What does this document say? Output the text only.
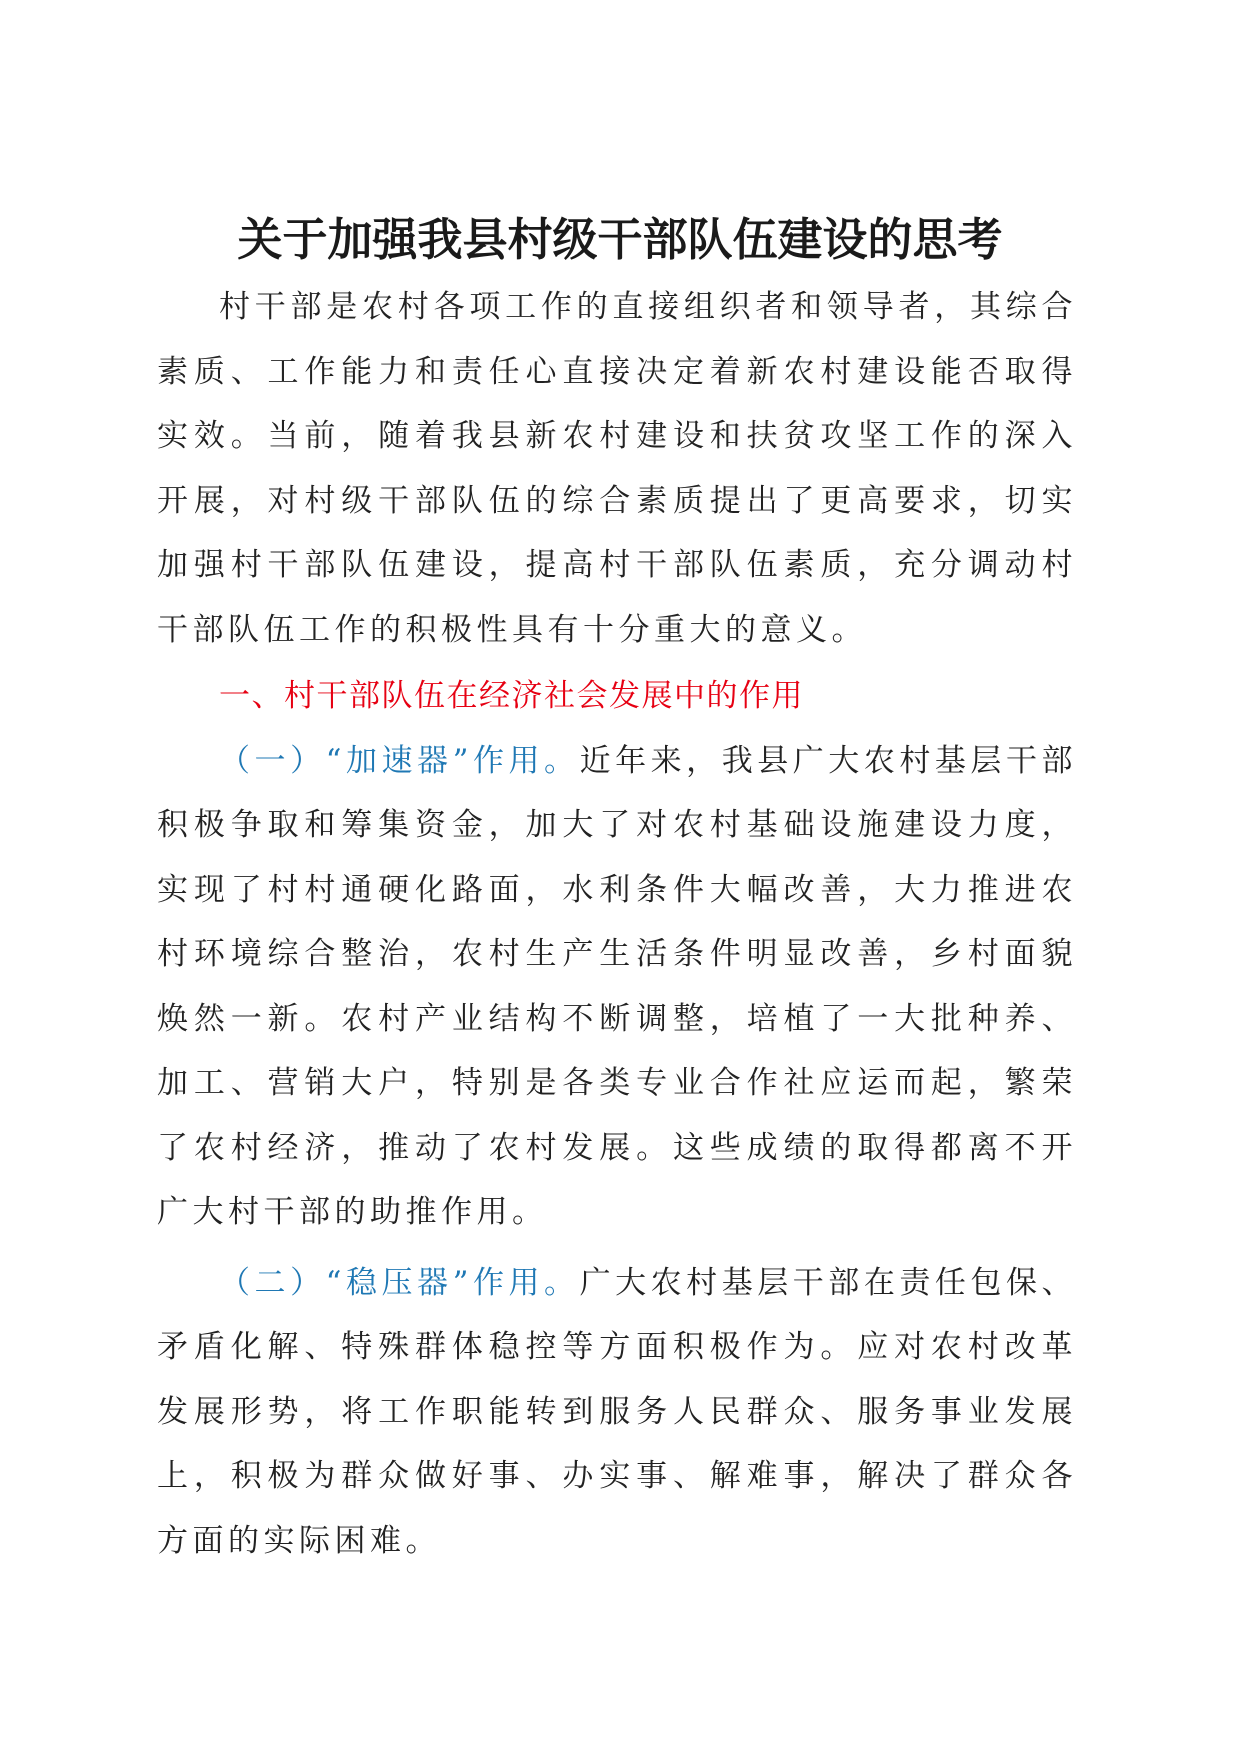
关于加强我县村级干部队伍建设的思考

村干部是农村各项工作的直接组织者和领导者，其综合素质、工作能力和责任心直接决定着新农村建设能否取得实效。当前，随着我县新农村建设和扶贫攻坚工作的深入开展，对村级干部队伍的综合素质提出了更高要求，切实加强村干部队伍建设，提高村干部队伍素质，充分调动村干部队伍工作的积极性具有十分重大的意义。

一、村干部队伍在经济社会发展中的作用

（一）“加速器”作用。近年来，我县广大农村基层干部积极争取和筹集资金，加大了对农村基础设施建设力度，实现了村村通硬化路面，水利条件大幅改善，大力推进农村环境综合整治，农村生产生活条件明显改善，乡村面貌焕然一新。农村产业结构不断调整，培植了一大批种养、加工、营销大户，特别是各类专业合作社应运而起，繁荣了农村经济，推动了农村发展。这些成绩的取得都离不开广大村干部的助推作用。

（二）“稳压器”作用。广大农村基层干部在责任包保、矛盾化解、特殊群体稳控等方面积极作为。应对农村改革发展形势，将工作职能转到服务人民群众、服务事业发展上，积极为群众做好事、办实事、解难事，解决了群众各方面的实际困难。
